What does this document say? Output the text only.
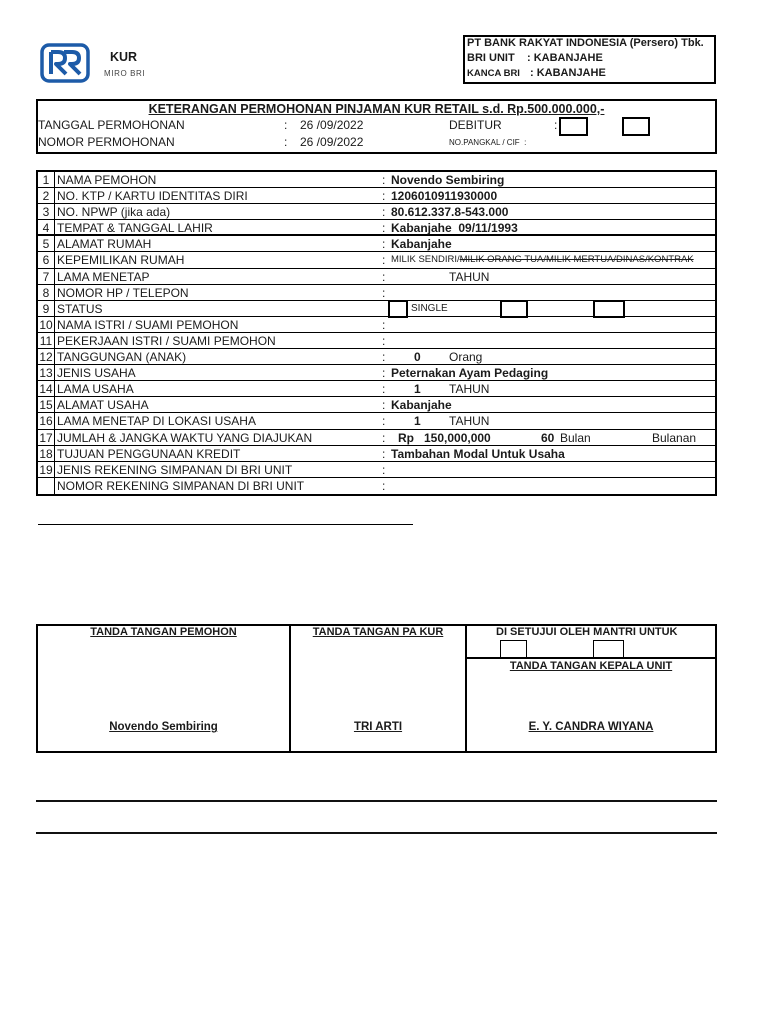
KUR
MIRO BRI
PT BANK RAKYAT INDONESIA (Persero) Tbk.
BRI UNIT : KABANJAHE
KANCA BRI : KABANJAHE
KETERANGAN PERMOHONAN PINJAMAN KUR RETAIL s.d. Rp.500.000.000,-
TANGGAL PERMOHONAN	: 26 /09/2022	DEBITUR	:
NOMOR PERMOHONAN	: 26 /09/2022	NO.PANGKAL / CIF  :
1 NAMA PEMOHON	: Novendo Sembiring
2 NO. KTP / KARTU IDENTITAS DIRI	: 1206010911930000
3 NO. NPWP (jika ada)	: 80.612.337.8-543.000
4 TEMPAT & TANGGAL LAHIR	: Kabanjahe  09/11/1993
5 ALAMAT RUMAH	: Kabanjahe
6 KEPEMILIKAN RUMAH	: MILIK SENDIRI/MILIK ORANG TUA/MILIK MERTUA/DINAS/KONTRAK
7 LAMA MENETAP	:	TAHUN
8 NOMOR HP / TELEPON	:
9 STATUS	SINGLE
10 NAMA ISTRI / SUAMI PEMOHON	:
11 PEKERJAAN ISTRI / SUAMI PEMOHON	:
12 TANGGUNGAN (ANAK)	: 0 Orang
13 JENIS USAHA	: Peternakan Ayam Pedaging
14 LAMA USAHA	: 1 TAHUN
15 ALAMAT USAHA	: Kabanjahe
16 LAMA MENETAP DI LOKASI USAHA	: 1 TAHUN
17 JUMLAH & JANGKA WAKTU YANG DIAJUKAN	: Rp 150,000,000	60 Bulan	Bulanan
18 TUJUAN PENGGUNAAN KREDIT	: Tambahan Modal Untuk Usaha
19 JENIS REKENING SIMPANAN DI BRI UNIT	:
NOMOR REKENING SIMPANAN DI BRI UNIT	:
TANDA TANGAN PEMOHON	TANDA TANGAN PA KUR	DI SETUJUI OLEH MANTRI UNTUK
TANDA TANGAN KEPALA UNIT
Novendo Sembiring	TRI ARTI	E. Y. CANDRA WIYANA
